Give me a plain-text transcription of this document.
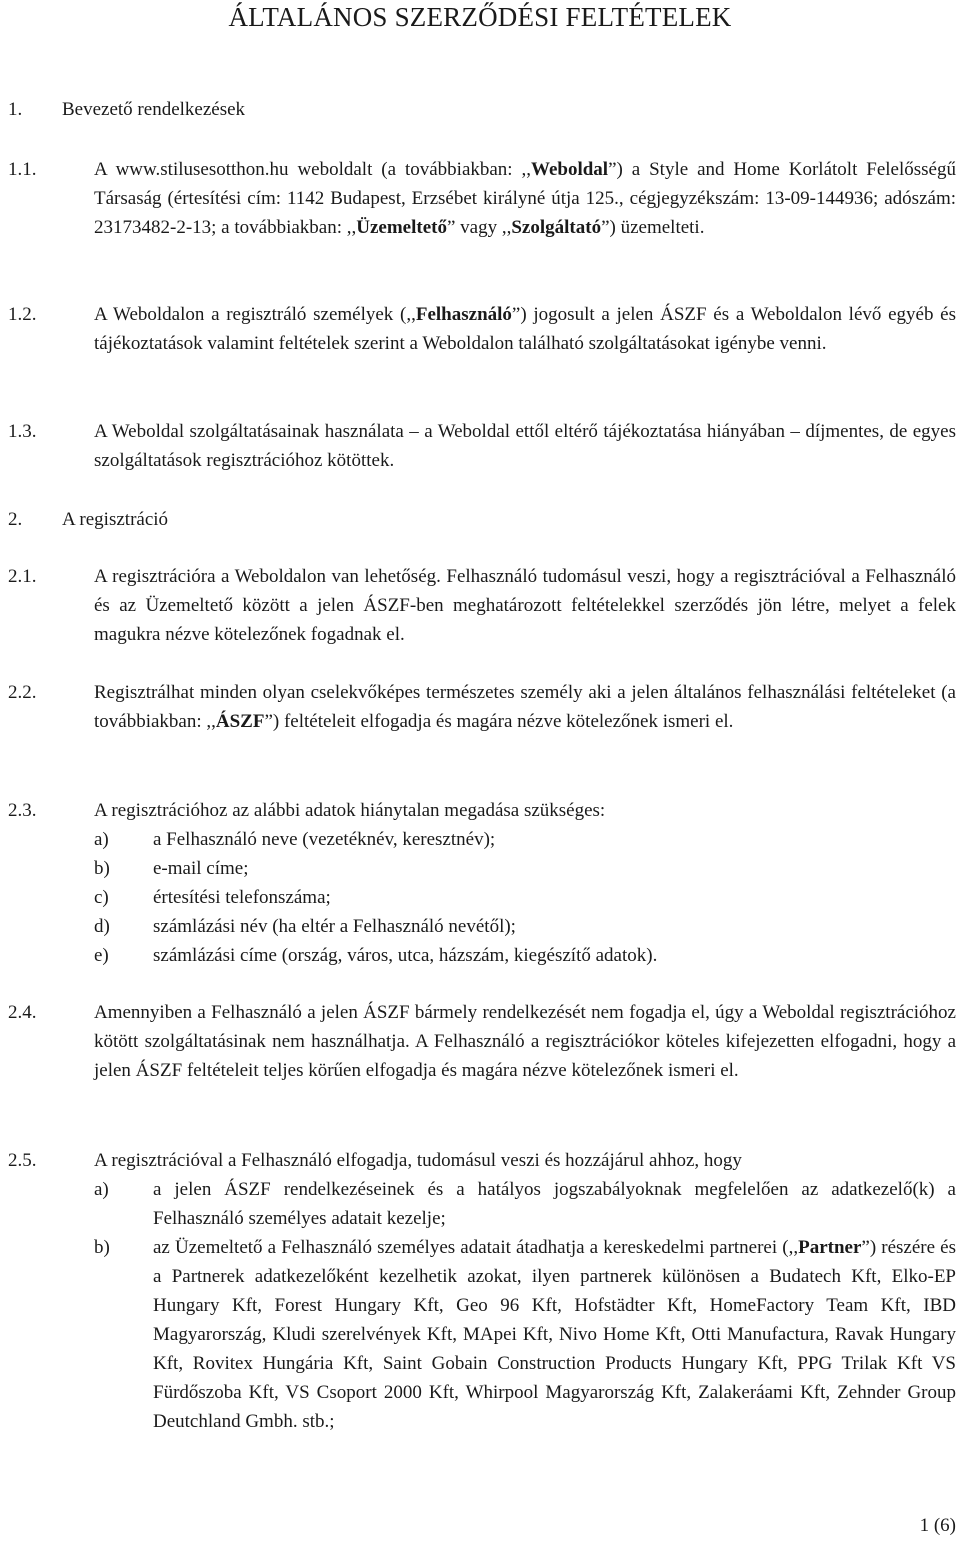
ÁLTALÁNOS SZERZŐDÉSI FELTÉTELEK
1. Bevezető rendelkezések
1.1.	A www.stilusesotthon.hu weboldalt (a továbbiakban: ,,Weboldal”) a Style and Home Korlátolt Felelősségű Társaság (értesítési cím: 1142 Budapest, Erzsébet királyné útja 125., cégjegyzékszám: 13-09-144936; adószám: 23173482-2-13; a továbbiakban: ,,Üzemeltető” vagy ,,Szolgáltató”) üzemelteti.
1.2.	A Weboldalon a regisztráló személyek (,,Felhasználó”) jogosult a jelen ÁSZF és a Weboldalon lévő egyéb és tájékoztatások valamint feltételek szerint a Weboldalon található szolgáltatásokat igénybe venni.
1.3.	A Weboldal szolgáltatásainak használata – a Weboldal ettől eltérő tájékoztatása hiányában – díjmentes, de egyes szolgáltatások regisztrációhoz kötöttek.
2. A regisztráció
2.1.	A regisztrációra a Weboldalon van lehetőség. Felhasználó tudomásul veszi, hogy a regisztrációval a Felhasználó és az Üzemeltető között a jelen ÁSZF-ben meghatározott feltételekkel szerződés jön létre, melyet a felek magukra nézve kötelezőnek fogadnak el.
2.2.	Regisztrálhat minden olyan cselekvőképes természetes személy aki a jelen általános felhasználási feltételeket (a továbbiakban: ,,ÁSZF”) feltételeit elfogadja és magára nézve kötelezőnek ismeri el.
2.3.	A regisztrációhoz az alábbi adatok hiánytalan megadása szükséges:
a) a Felhasználó neve (vezetéknév, keresztnév);
b) e-mail címe;
c) értesítési telefonszáma;
d) számlázási név (ha eltér a Felhasználó nevétől);
e) számlázási címe (ország, város, utca, házszám, kiegészítő adatok).
2.4.	Amennyiben a Felhasználó a jelen ÁSZF bármely rendelkezését nem fogadja el, úgy a Weboldal regisztrációhoz kötött szolgáltatásinak nem használhatja. A Felhasználó a regisztrációkor köteles kifejezetten elfogadni, hogy a jelen ÁSZF feltételeit teljes körűen elfogadja és magára nézve kötelezőnek ismeri el.
2.5.	A regisztrációval a Felhasználó elfogadja, tudomásul veszi és hozzájárul ahhoz, hogy
a) a jelen ÁSZF rendelkezéseinek és a hatályos jogszabályoknak megfelelően az adatkezelő(k) a Felhasználó személyes adatait kezelje;
b) az Üzemeltető a Felhasználó személyes adatait átadhatja a kereskedelmi partnerei (,,Partner”) részére és a Partnerek adatkezelőként kezelhetik azokat, ilyen partnerek különösen a Budatech Kft, Elko-EP Hungary Kft, Forest Hungary Kft, Geo 96 Kft, Hofstädter Kft, HomeFactory Team Kft, IBD Magyarország, Kludi szerelvények Kft, MApei Kft, Nivo Home Kft, Otti Manufactura, Ravak Hungary Kft, Rovitex Hungária Kft, Saint Gobain Construction Products Hungary Kft, PPG Trilak Kft VS Fürdőszoba Kft, VS Csoport 2000 Kft, Whirpool Magyarország Kft, Zalakeráami Kft, Zehnder Group Deutchland Gmbh. stb.;
1 (6)
